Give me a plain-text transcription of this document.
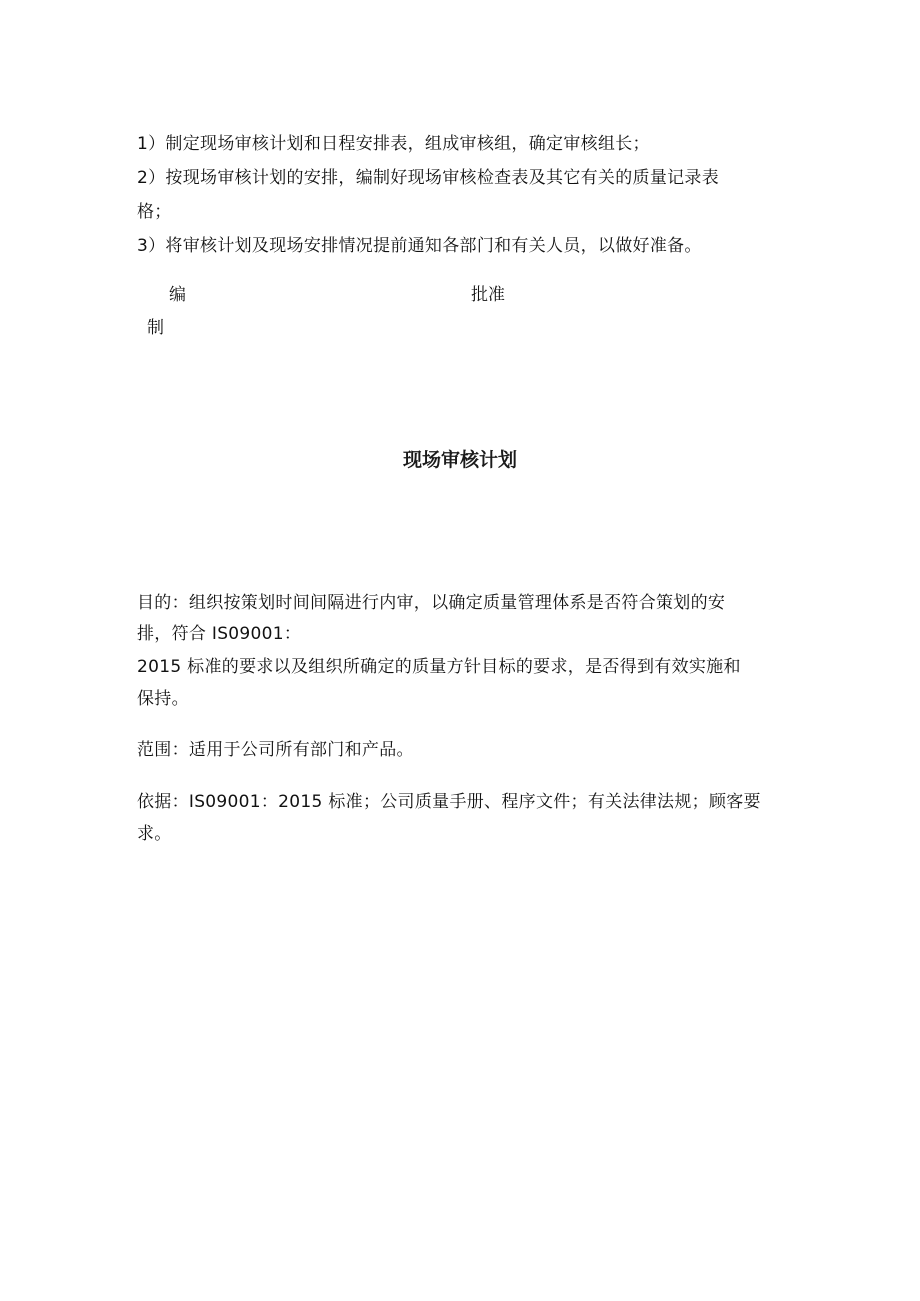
1）制定现场审核计划和日程安排表，组成审核组，确定审核组长；
2）按现场审核计划的安排，编制好现场审核检查表及其它有关的质量记录表
格；
3）将审核计划及现场安排情况提前通知各部门和有关人员，以做好准备。
编
制
批准
现场审核计划
目的：组织按策划时间间隔进行内审，以确定质量管理体系是否符合策划的安
排，符合 IS09001：
2015 标准的要求以及组织所确定的质量方针目标的要求，是否得到有效实施和
保持。
范围：适用于公司所有部门和产品。
依据：IS09001：2015 标准；公司质量手册、程序文件；有关法律法规；顾客要
求。
